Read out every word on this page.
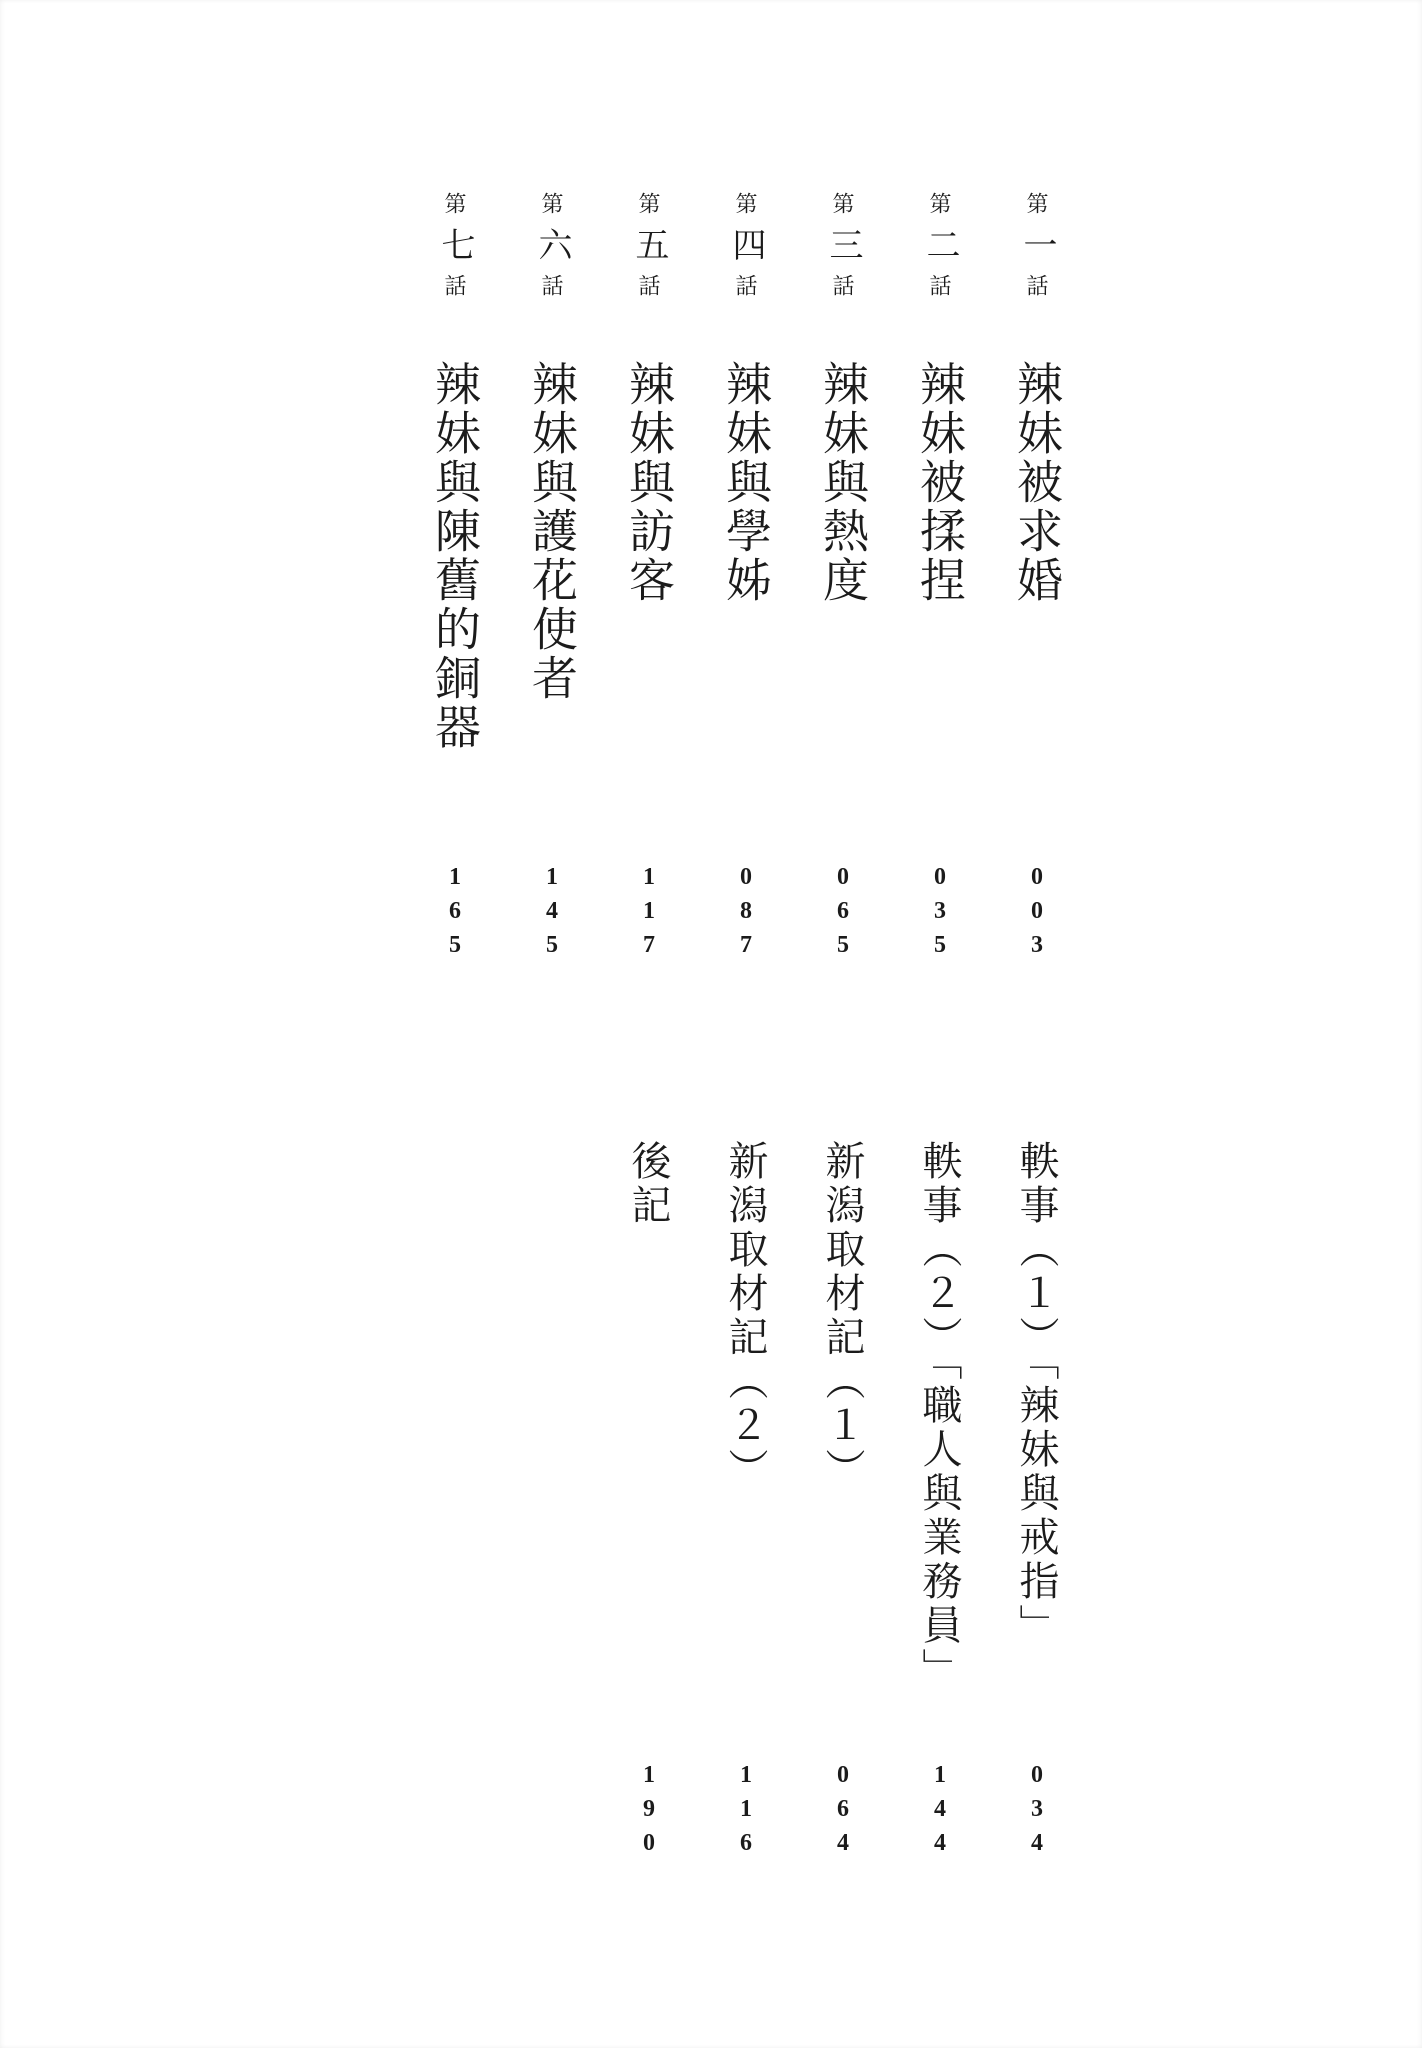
第一話辣妹被求婚
第二話辣妹被揉捏
第三話辣妹與熱度
第四話辣妹與學姊
第五話辣妹與訪客
第六話辣妹與護花使者
第七話辣妹與陳舊的銅器
003
035
065
087
117
145
165
軼事（１）「辣妹與戒指」
軼事（２）「職人與業務員」
新潟取材記（１）
新潟取材記（２）
後記
034
144
064
116
190
